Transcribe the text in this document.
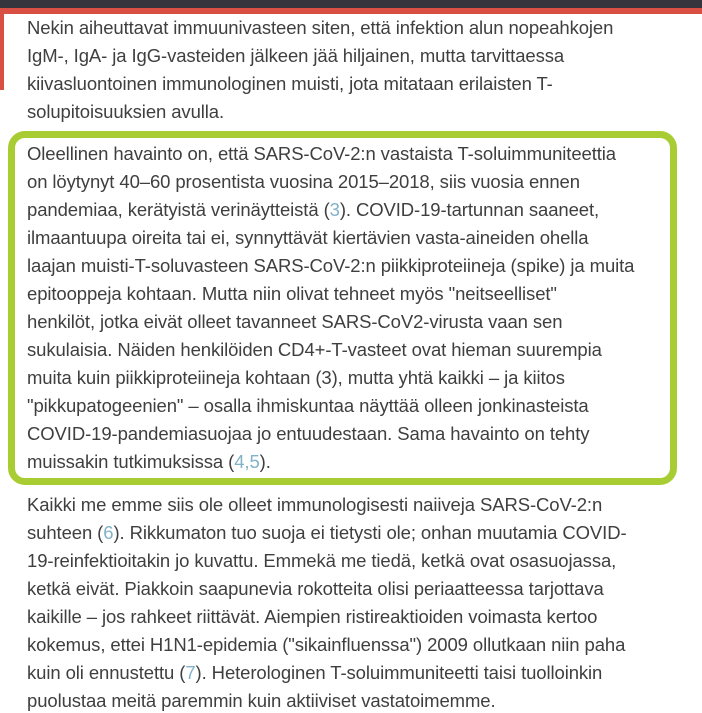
Nekin aiheuttavat immuunivasteen siten, että infektion alun nopeahkojen
IgM-, IgA- ja IgG-vasteiden jälkeen jää hiljainen, mutta tarvittaessa
kiivasluontoinen immunologinen muisti, jota mitataan erilaisten T-
solupitoisuuksien avulla.
Oleellinen havainto on, että SARS-CoV-2:n vastaista T-soluimmuniteettia
on löytynyt 40–60 prosentista vuosina 2015–2018, siis vuosia ennen
pandemiaa, kerätyistä verinäytteistä (3). COVID-19-tartunnan saaneet,
ilmaantuupa oireita tai ei, synnyttävät kiertävien vasta-aineiden ohella
laajan muisti-T-soluvasteen SARS-CoV-2:n piikkiproteiineja (spike) ja muita
epitooppeja kohtaan. Mutta niin olivat tehneet myös "neitseelliset"
henkilöt, jotka eivät olleet tavanneet SARS-CoV2-virusta vaan sen
sukulaisia. Näiden henkilöiden CD4+-T-vasteet ovat hieman suurempia
muita kuin piikkiproteiineja kohtaan (3), mutta yhtä kaikki – ja kiitos
"pikkupatogeenien" – osalla ihmiskuntaa näyttää olleen jonkinasteista
COVID-19-pandemiasuojaa jo entuudestaan. Sama havainto on tehty
muissakin tutkimuksissa (4,5).
Kaikki me emme siis ole olleet immunologisesti naiiveja SARS-CoV-2:n
suhteen (6). Rikkumaton tuo suoja ei tietysti ole; onhan muutamia COVID-
19-reinfektioitakin jo kuvattu. Emmekä me tiedä, ketkä ovat osasuojassa,
ketkä eivät. Piakkoin saapunevia rokotteita olisi periaatteessa tarjottava
kaikille – jos rahkeet riittävät. Aiempien ristireaktioiden voimasta kertoo
kokemus, ettei H1N1-epidemia ("sikainfluenssa") 2009 ollutkaan niin paha
kuin oli ennustettu (7). Heterologinen T-soluimmuniteetti taisi tuolloinkin
puolustaa meitä paremmin kuin aktiiviset vastatoimemme.
